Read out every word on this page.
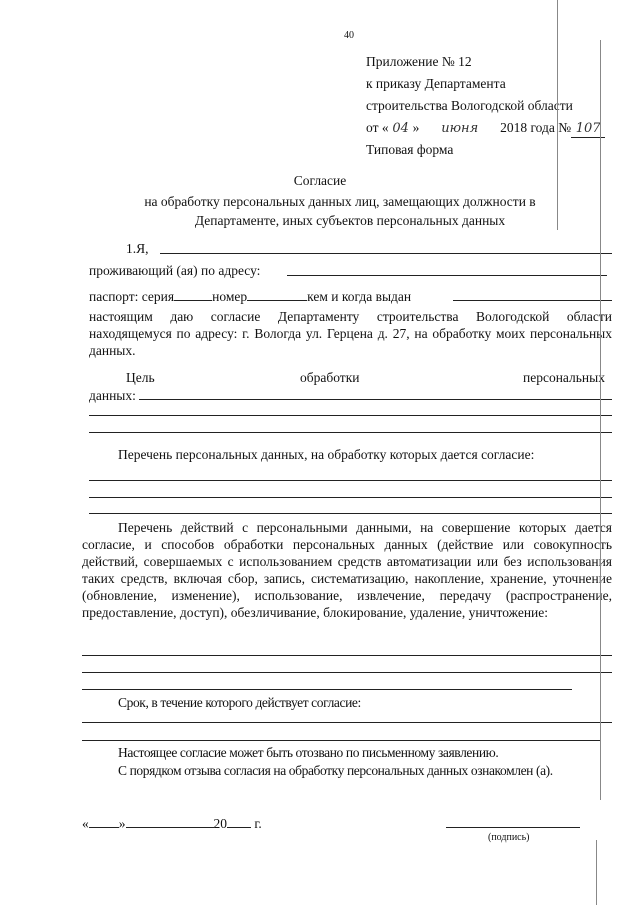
40
Приложение № 12
к приказу Департамента
строительства Вологодской области
от « 04 » июня 2018 года № 107
Типовая форма
Согласие
на обработку персональных данных лиц, замещающих должности в
Департаменте, иных субъектов персональных данных
1.Я,
проживающий (ая) по адресу:
паспорт: серия	номер	кем и когда выдан
настоящим даю согласие Департаменту строительства Вологодской области находящемуся по адресу: г. Вологда ул. Герцена д. 27, на обработку моих персональных данных.
Цель	обработки	персональных
данных:
Перечень персональных данных, на обработку которых дается согласие:
Перечень действий с персональными данными, на совершение которых дается согласие, и способов обработки персональных данных (действие или совокупность действий, совершаемых с использованием средств автоматизации или без использования таких средств, включая сбор, запись, систематизацию, накопление, хранение, уточнение (обновление, изменение), использование, извлечение, передачу (распространение, предоставление, доступ), обезличивание, блокирование, удаление, уничтожение:
Срок, в течение которого действует согласие:
Настоящее согласие может быть отозвано по письменному заявлению.
С порядком отзыва согласия на обработку персональных данных ознакомлен (а).
« »	20 г.
(подпись)
